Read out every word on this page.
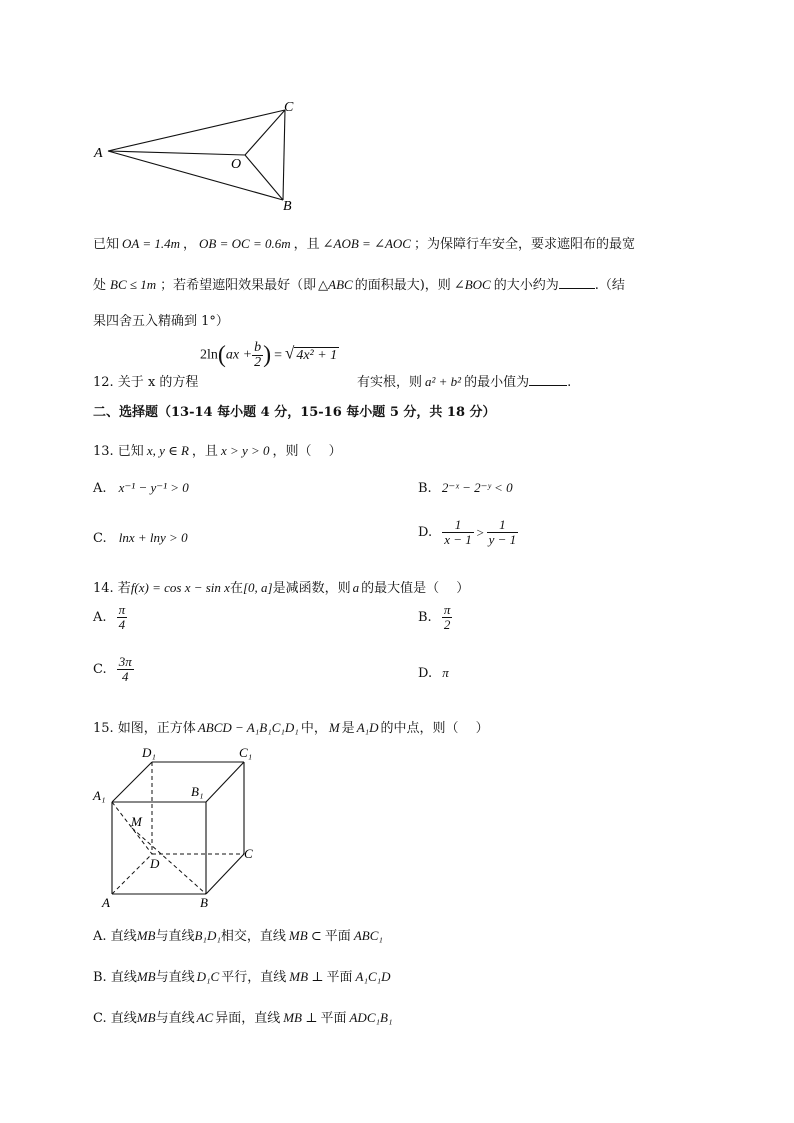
A
C
O
B
已知 OA = 1.4m ， OB = OC = 0.6m ，且 ∠AOB = ∠AOC ；为保障行车安全，要求遮阳布的最宽
处 BC ≤ 1m ；若希望遮阳效果最好（即 △ABC 的面积最大)，则 ∠BOC 的大小约为	.（结
果四舍五入精确到 1°）
$2\ln(ax + \frac{b}{2}$ ) = √ 4x² + 1
12. 关于 x 的方程	有实根，则 a² + b² 的最小值为	.
二、选择题（13-14 每小题 4 分，15-16 每小题 5 分，共 18 分）
13. 已知 x, y ∈ R ，且 x > y > 0 ，则（　 ）
A. x⁻¹ − y⁻¹ > 0	B. 2⁻ˣ − 2⁻ʸ < 0
C. lnx + lny > 0	D. $\frac{1}{x - 1} > \frac{1}{y - 1}$
14. 若f(x) = cos x − sin x在[0, a]是减函数，则 a 的最大值是（　 ）
A. $\frac{\pi}{4}$	B. $\frac{\pi}{2}$
C. $\frac{3\pi}{4}$	D. π
15. 如图，正方体 ABCD − A₁B₁C₁D₁ 中， M 是 A₁D 的中点，则（　 ）
D₁	C₁
A₁	B₁
M
D
C
A	B
A. 直线MB与直线B₁D₁相交，直线 MB ⊂ 平面 ABC₁
B. 直线MB与直线 D₁C 平行，直线 MB ⊥ 平面 A₁C₁D
C. 直线MB与直线 AC 异面，直线 MB ⊥ 平面 ADC₁B₁
